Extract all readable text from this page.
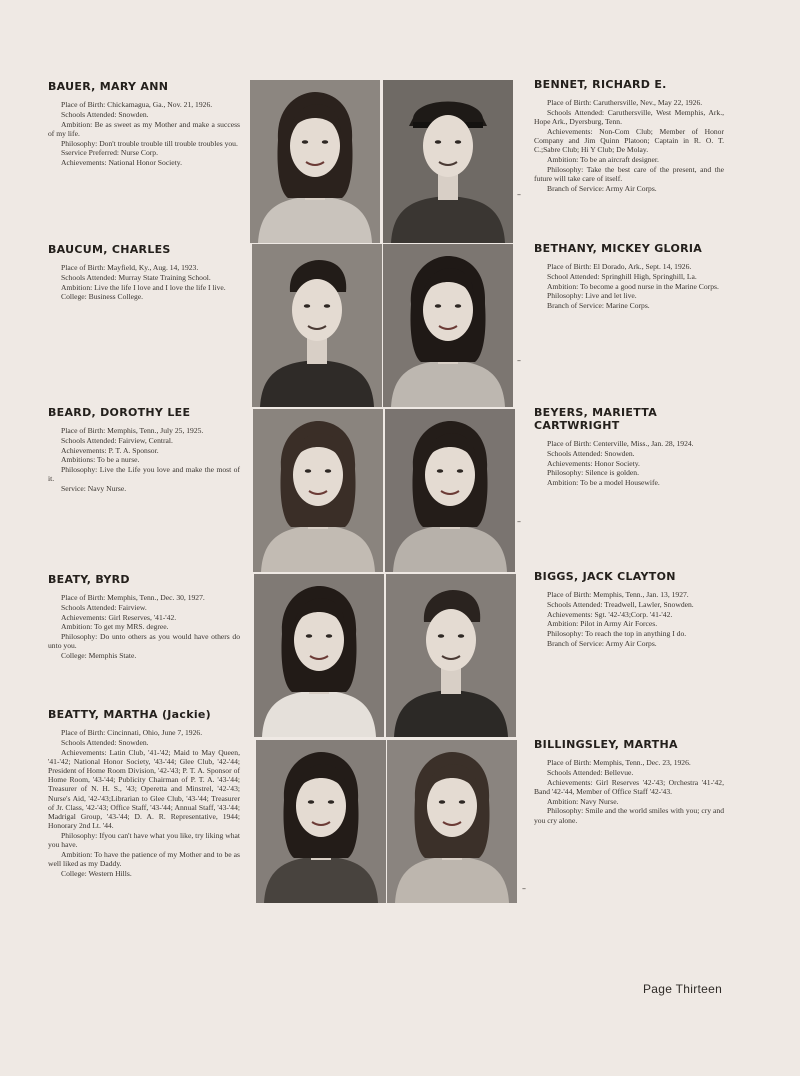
BAUER, MARY ANN
Place of Birth: Chickamagua, Ga., Nov. 21, 1926.
Schools Attended: Snowden.
Ambition: Be as sweet as my Mother and make a success of my life.
Philosophy: Don't trouble trouble till trouble troubles you.
Sservice Preferred: Nurse Corp.
Achievements: National Honor Society.
BAUCUM, CHARLES
Place of Birth: Mayfield, Ky., Aug. 14, 1923.
Schools Attended: Murray State Training School.
Ambition: Live the life I love and I love the life I live.
College: Business College.
BEARD, DOROTHY LEE
Place of Birth: Memphis, Tenn., July 25, 1925.
Schools Attended: Fairview, Central.
Achievements: P. T. A. Sponsor.
Ambitions: To be a nurse.
Philosophy: Live the Life you love and make the most of it.
Service: Navy Nurse.
BEATY, BYRD
Place of Birth: Memphis, Tenn., Dec. 30, 1927.
Schools Attended: Fairview.
Achievements: Girl Reserves, '41-'42.
Ambition: To get my MRS. degree.
Philosophy: Do unto others as you would have others do unto you.
College: Memphis State.
BEATTY, MARTHA (Jackie)
Place of Birth: Cincinnati, Ohio, June 7, 1926.
Schools Attended: Snowden.
Achievements: Latin Club, '41-'42; Maid to May Queen, '41-'42; National Honor Society, '43-'44; Glee Club, '42-'44; President of Home Room Division, '42-'43; P. T. A. Sponsor of Home Room, '43-'44; Publicity Chairman of P. T. A. '43-'44; Treasurer of N. H. S., '43; Operetta and Minstrel, '42-'43; Nurse's Aid, '42-'43;Librarian to Glee Club, '43-'44; Treasurer of Jr. Class, '42-'43; Office Staff, '43-'44; Annual Staff, '43-'44; Madrigal Group, '43-'44; D. A. R. Representative, 1944; Honorary 2nd Lt. '44.
Philosophy: Ifyou can't have what you like, try liking what you have.
Ambition: To have the patience of my Mother and to be as well liked as my Daddy.
College: Western Hills.
BENNET, RICHARD E.
Place of Birth: Caruthersville, Nev., May 22, 1926.
Schools Attended: Caruthersville, West Memphis, Ark., Hope Ark., Dyersburg, Tenn.
Achievements: Non-Com Club; Member of Honor Company and Jim Quinn Platoon; Captain in R. O. T. C.;Sabre Club; Hi Y Club; De Molay.
Ambition: To be an aircraft designer.
Philosophy: Take the best care of the present, and the future will take care of itself.
Branch of Service: Army Air Corps.
BETHANY, MICKEY GLORIA
Place of Birth: El Dorado, Ark., Sept. 14, 1926.
School Attended: Springhill High, Springhill, La.
Ambition: To become a good nurse in the Marine Corps.
Philosophy: Live and let live.
Branch of Service: Marine Corps.
BEYERS, MARIETTA
CARTWRIGHT
Place of Birth: Centerville, Miss., Jan. 28, 1924.
Schools Attended: Snowden.
Achievements: Honor Society.
Philosophy: Silence is golden.
Ambition: To be a model Housewife.
BIGGS, JACK CLAYTON
Place of Birth: Memphis, Tenn., Jan. 13, 1927.
Schools Attended: Treadwell, Lawler, Snowden.
Achievements: Sgt. '42-'43;Corp. '41-'42.
Ambition: Pilot in Army Air Forces.
Philosophy: To reach the top in anything I do.
Branch of Service: Army Air Corps.
BILLINGSLEY, MARTHA
Place of Birth: Memphis, Tenn., Dec. 23, 1926.
Schools Attended: Bellevue.
Achievements: Girl Reserves '42-'43; Orchestra '41-'42, Band '42-'44, Member of Office Staff '42-'43.
Ambition: Navy Nurse.
Philosophy: Smile and the world smiles with you; cry and you cry alone.
–
–
–
–
Page Thirteen
